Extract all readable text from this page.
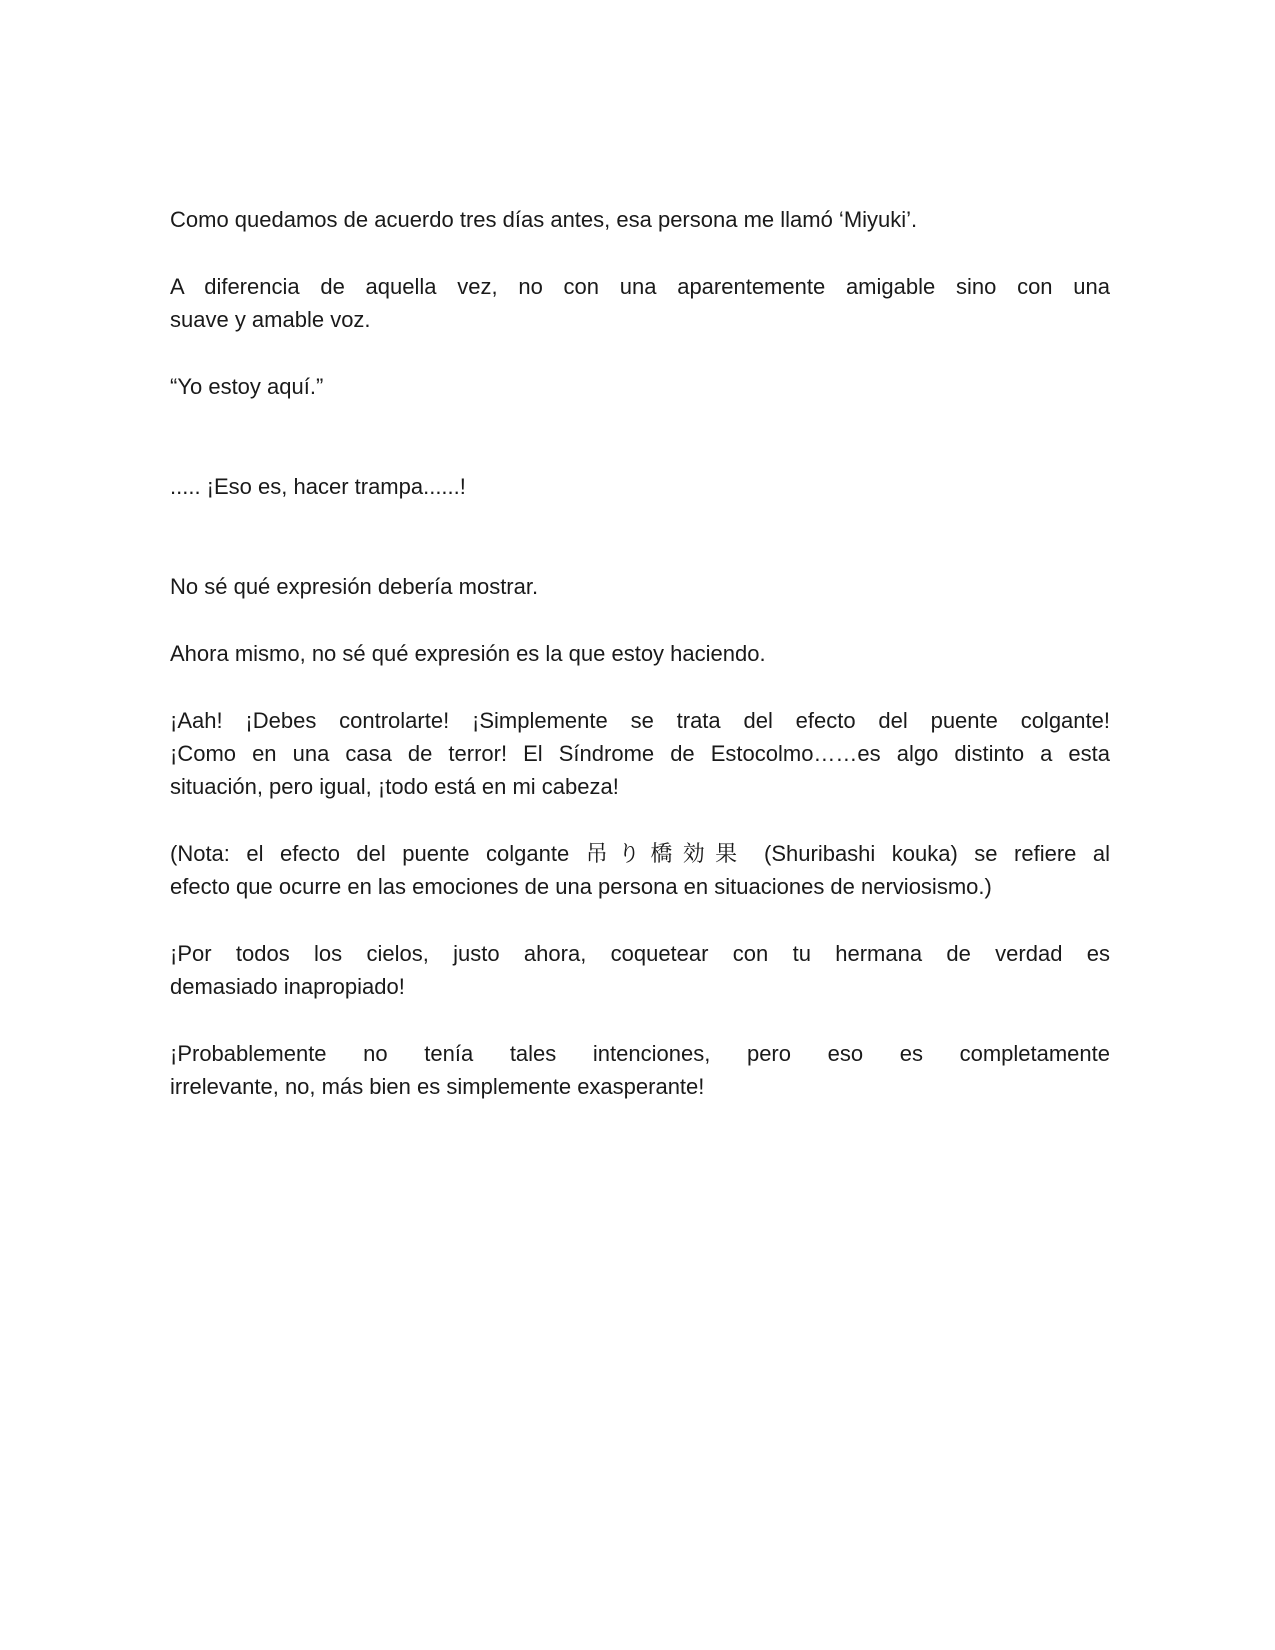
Como quedamos de acuerdo tres días antes, esa persona me llamó ‘Miyuki’.
A diferencia de aquella vez, no con una aparentemente amigable sino con una suave y amable voz.
“Yo estoy aquí.”
..... ¡Eso es, hacer trampa......!
No sé qué expresión debería mostrar.
Ahora mismo, no sé qué expresión es la que estoy haciendo.
¡Aah! ¡Debes controlarte! ¡Simplemente se trata del efecto del puente colgante! ¡Como en una casa de terror! El Síndrome de Estocolmo……es algo distinto a esta situación, pero igual, ¡todo está en mi cabeza!
(Nota: el efecto del puente colgante 吊り橋効果 (Shuribashi kouka) se refiere al efecto que ocurre en las emociones de una persona en situaciones de nerviosismo.)
¡Por todos los cielos, justo ahora, coquetear con tu hermana de verdad es demasiado inapropiado!
¡Probablemente no tenía tales intenciones, pero eso es completamente irrelevante, no, más bien es simplemente exasperante!
